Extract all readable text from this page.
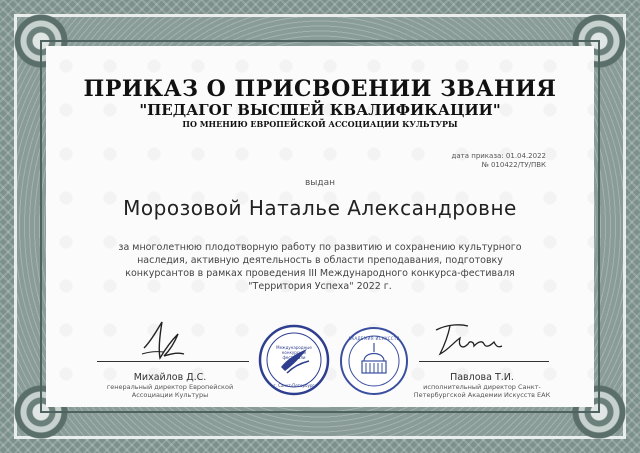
ПРИКАЗ О ПРИСВОЕНИИ ЗВАНИЯ
"ПЕДАГОГ ВЫСШЕЙ КВАЛИФИКАЦИИ"
ПО МНЕНИЮ ЕВРОПЕЙСКОЙ АССОЦИАЦИИ КУЛЬТУРЫ
дата приказа: 01.04.2022
№ 010422/ТУ/ПВК
выдан
Морозовой Наталье Александровне
за многолетнюю плодотворную работу по развитию и сохранению культурного
наследия, активную деятельность в области преподавания, подготовку
конкурсантов в рамках проведения III Международного конкурса-фестиваля
"Территория Успеха" 2022 г.
Международные конкурсы и фестивали
г. Санкт-Петербург
АКАДЕМИЯ ИСКУССТВ
Михайлов Д.С.
генеральный директор Европейской
Ассоциации Культуры
Павлова Т.И.
исполнительный директор Санкт-
Петербургской Академии Искусств ЕАК
